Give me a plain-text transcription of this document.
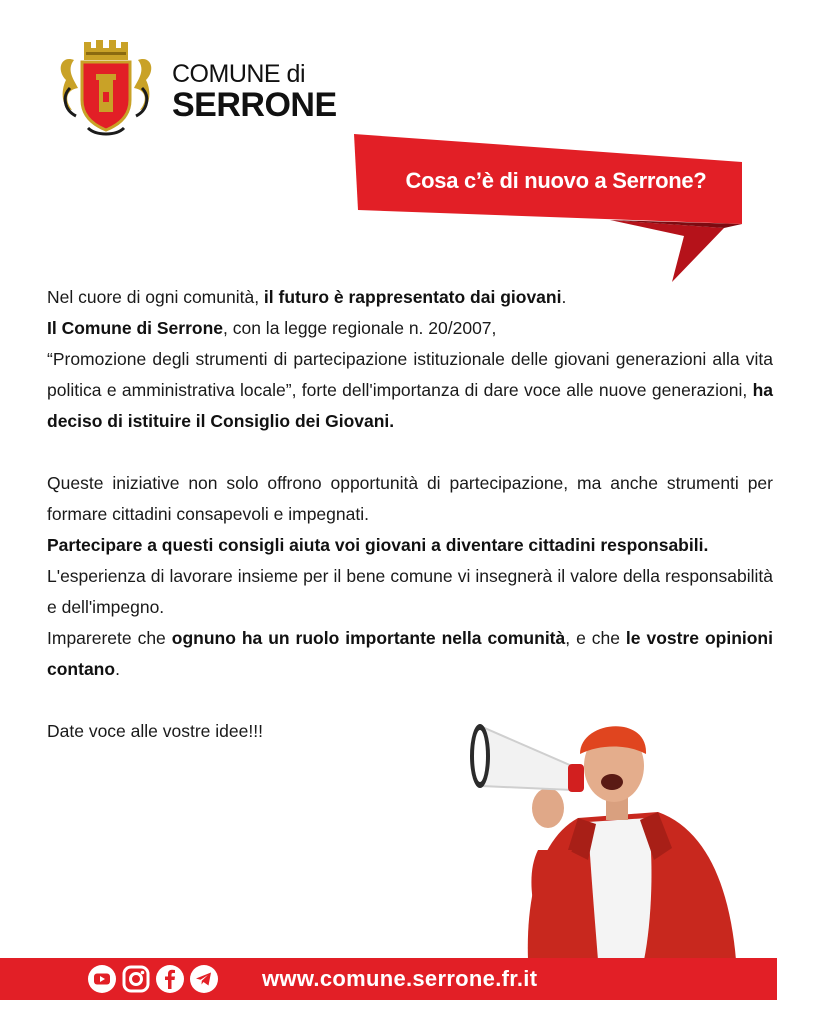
COMUNE di
SERRONE
Cosa c’è di nuovo a Serrone?

Nel cuore di ogni comunità, il futuro è rappresentato dai giovani.

Il Comune di Serrone, con la legge regionale n. 20/2007,

“Promozione degli strumenti di partecipazione istituzionale delle giovani generazioni alla vita politica e amministrativa locale”, forte dell'importanza di dare voce alle nuove generazioni, ha deciso di istituire il Consiglio dei Giovani.

Queste iniziative non solo offrono opportunità di partecipazione, ma anche strumenti per formare cittadini consapevoli e impegnati.

Partecipare a questi consigli aiuta voi giovani a diventare cittadini responsabili.

L'esperienza di lavorare insieme per il bene comune vi insegnerà il valore della responsabilità e dell'impegno.

Imparerete che ognuno ha un ruolo importante nella comunità, e che le vostre opinioni contano.

Date voce alle vostre idee!!!

www.comune.serrone.fr.it
